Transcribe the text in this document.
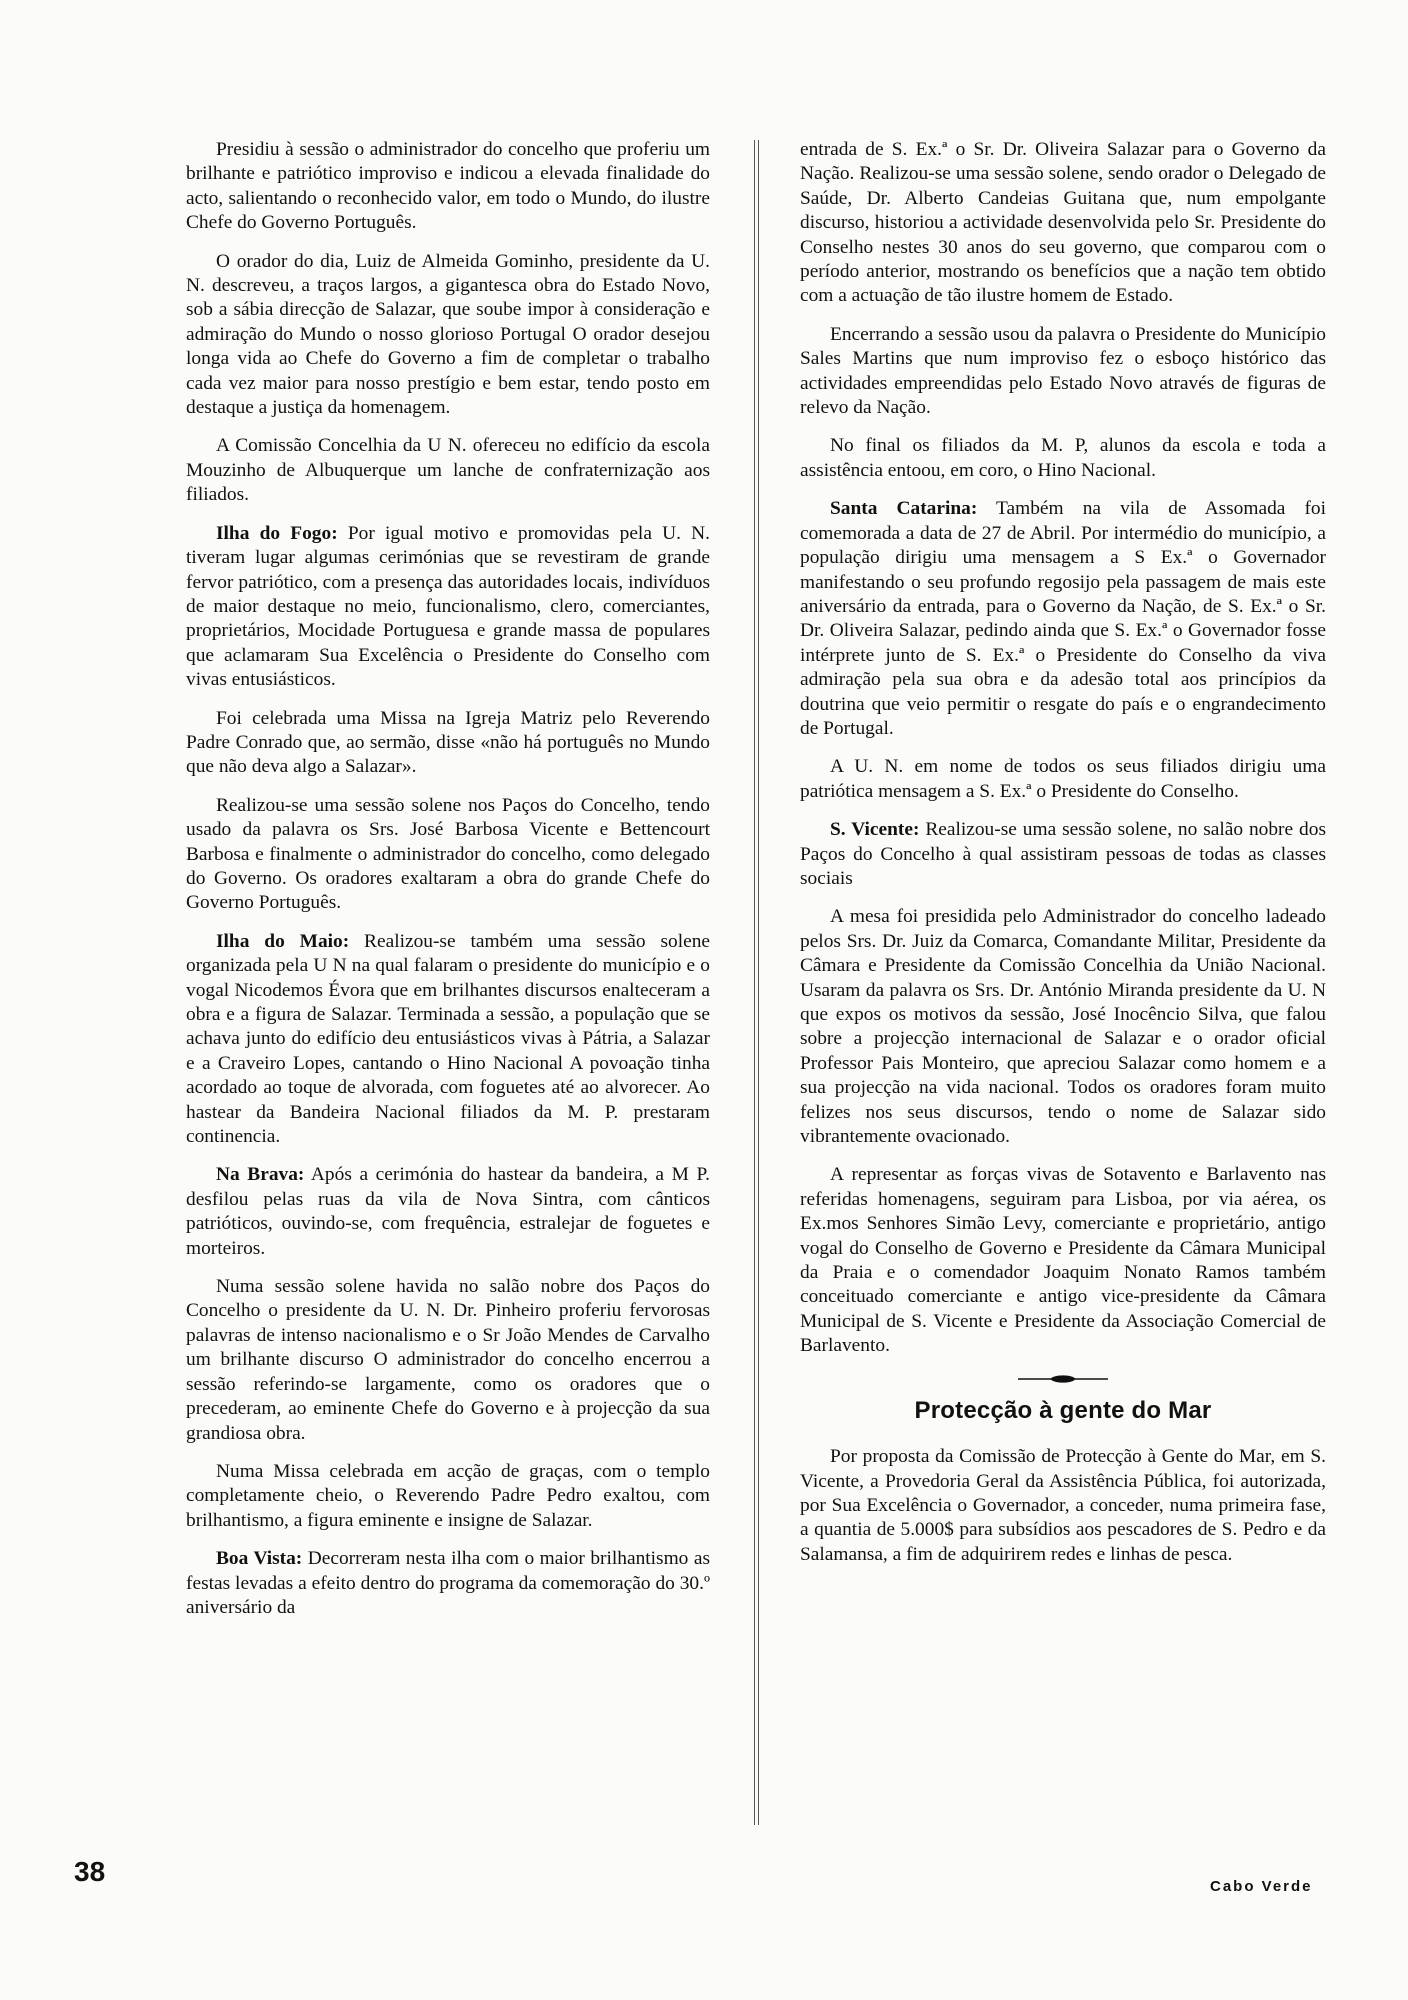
Presidiu à sessão o administrador do concelho que proferiu um brilhante e patriótico improviso e indicou a elevada finalidade do acto, salientando o reconhecido valor, em todo o Mundo, do ilustre Chefe do Governo Português.

O orador do dia, Luiz de Almeida Gominho, presidente da U. N. descreveu, a traços largos, a gigantesca obra do Estado Novo, sob a sábia direcção de Salazar, que soube impor à consideração e admiração do Mundo o nosso glorioso Portugal O orador desejou longa vida ao Chefe do Governo a fim de completar o trabalho cada vez maior para nosso prestígio e bem estar, tendo posto em destaque a justiça da homenagem.

A Comissão Concelhia da U N. ofereceu no edifício da escola Mouzinho de Albuquerque um lanche de confraternização aos filiados.

Ilha do Fogo: Por igual motivo e promovidas pela U. N. tiveram lugar algumas cerimónias que se revestiram de grande fervor patriótico, com a presença das autoridades locais, indivíduos de maior destaque no meio, funcionalismo, clero, comerciantes, proprietários, Mocidade Portuguesa e grande massa de populares que aclamaram Sua Excelência o Presidente do Conselho com vivas entusiásticos.

Foi celebrada uma Missa na Igreja Matriz pelo Reverendo Padre Conrado que, ao sermão, disse «não há português no Mundo que não deva algo a Salazar».

Realizou-se uma sessão solene nos Paços do Concelho, tendo usado da palavra os Srs. José Barbosa Vicente e Bettencourt Barbosa e finalmente o administrador do concelho, como delegado do Governo. Os oradores exaltaram a obra do grande Chefe do Governo Português.

Ilha do Maio: Realizou-se também uma sessão solene organizada pela U N na qual falaram o presidente do município e o vogal Nicodemos Évora que em brilhantes discursos enalteceram a obra e a figura de Salazar. Terminada a sessão, a população que se achava junto do edifício deu entusiásticos vivas à Pátria, a Salazar e a Craveiro Lopes, cantando o Hino Nacional A povoação tinha acordado ao toque de alvorada, com foguetes até ao alvorecer. Ao hastear da Bandeira Nacional filiados da M. P. prestaram continencia.

Na Brava: Após a cerimónia do hastear da bandeira, a M P. desfilou pelas ruas da vila de Nova Sintra, com cânticos patrióticos, ouvindo-se, com frequência, estralejar de foguetes e morteiros.

Numa sessão solene havida no salão nobre dos Paços do Concelho o presidente da U. N. Dr. Pinheiro proferiu fervorosas palavras de intenso nacionalismo e o Sr João Mendes de Carvalho um brilhante discurso O administrador do concelho encerrou a sessão referindo-se largamente, como os oradores que o precederam, ao eminente Chefe do Governo e à projecção da sua grandiosa obra.

Numa Missa celebrada em acção de graças, com o templo completamente cheio, o Reverendo Padre Pedro exaltou, com brilhantismo, a figura eminente e insigne de Salazar.

Boa Vista: Decorreram nesta ilha com o maior brilhantismo as festas levadas a efeito dentro do programa da comemoração do 30.º aniversário da

entrada de S. Ex.ª o Sr. Dr. Oliveira Salazar para o Governo da Nação. Realizou-se uma sessão solene, sendo orador o Delegado de Saúde, Dr. Alberto Candeias Guitana que, num empolgante discurso, historiou a actividade desenvolvida pelo Sr. Presidente do Conselho nestes 30 anos do seu governo, que comparou com o período anterior, mostrando os benefícios que a nação tem obtido com a actuação de tão ilustre homem de Estado.

Encerrando a sessão usou da palavra o Presidente do Município Sales Martins que num improviso fez o esboço histórico das actividades empreendidas pelo Estado Novo através de figuras de relevo da Nação.

No final os filiados da M. P, alunos da escola e toda a assistência entoou, em coro, o Hino Nacional.

Santa Catarina: Também na vila de Assomada foi comemorada a data de 27 de Abril. Por intermédio do município, a população dirigiu uma mensagem a S Ex.ª o Governador manifestando o seu profundo regosijo pela passagem de mais este aniversário da entrada, para o Governo da Nação, de S. Ex.ª o Sr. Dr. Oliveira Salazar, pedindo ainda que S. Ex.ª o Governador fosse intérprete junto de S. Ex.ª o Presidente do Conselho da viva admiração pela sua obra e da adesão total aos princípios da doutrina que veio permitir o resgate do país e o engrandecimento de Portugal.

A U. N. em nome de todos os seus filiados dirigiu uma patriótica mensagem a S. Ex.ª o Presidente do Conselho.

S. Vicente: Realizou-se uma sessão solene, no salão nobre dos Paços do Concelho à qual assistiram pessoas de todas as classes sociais

A mesa foi presidida pelo Administrador do concelho ladeado pelos Srs. Dr. Juiz da Comarca, Comandante Militar, Presidente da Câmara e Presidente da Comissão Concelhia da União Nacional. Usaram da palavra os Srs. Dr. António Miranda presidente da U. N que expos os motivos da sessão, José Inocêncio Silva, que falou sobre a projecção internacional de Salazar e o orador oficial Professor Pais Monteiro, que apreciou Salazar como homem e a sua projecção na vida nacional. Todos os oradores foram muito felizes nos seus discursos, tendo o nome de Salazar sido vibrantemente ovacionado.

A representar as forças vivas de Sotavento e Barlavento nas referidas homenagens, seguiram para Lisboa, por via aérea, os Ex.mos Senhores Simão Levy, comerciante e proprietário, antigo vogal do Conselho de Governo e Presidente da Câmara Municipal da Praia e o comendador Joaquim Nonato Ramos também conceituado comerciante e antigo vice-presidente da Câmara Municipal de S. Vicente e Presidente da Associação Comercial de Barlavento.

Protecção à gente do Mar

Por proposta da Comissão de Protecção à Gente do Mar, em S. Vicente, a Provedoria Geral da Assistência Pública, foi autorizada, por Sua Excelência o Governador, a conceder, numa primeira fase, a quantia de 5.000$ para subsídios aos pescadores de S. Pedro e da Salamansa, a fim de adquirirem redes e linhas de pesca.

38	Cabo Verde
